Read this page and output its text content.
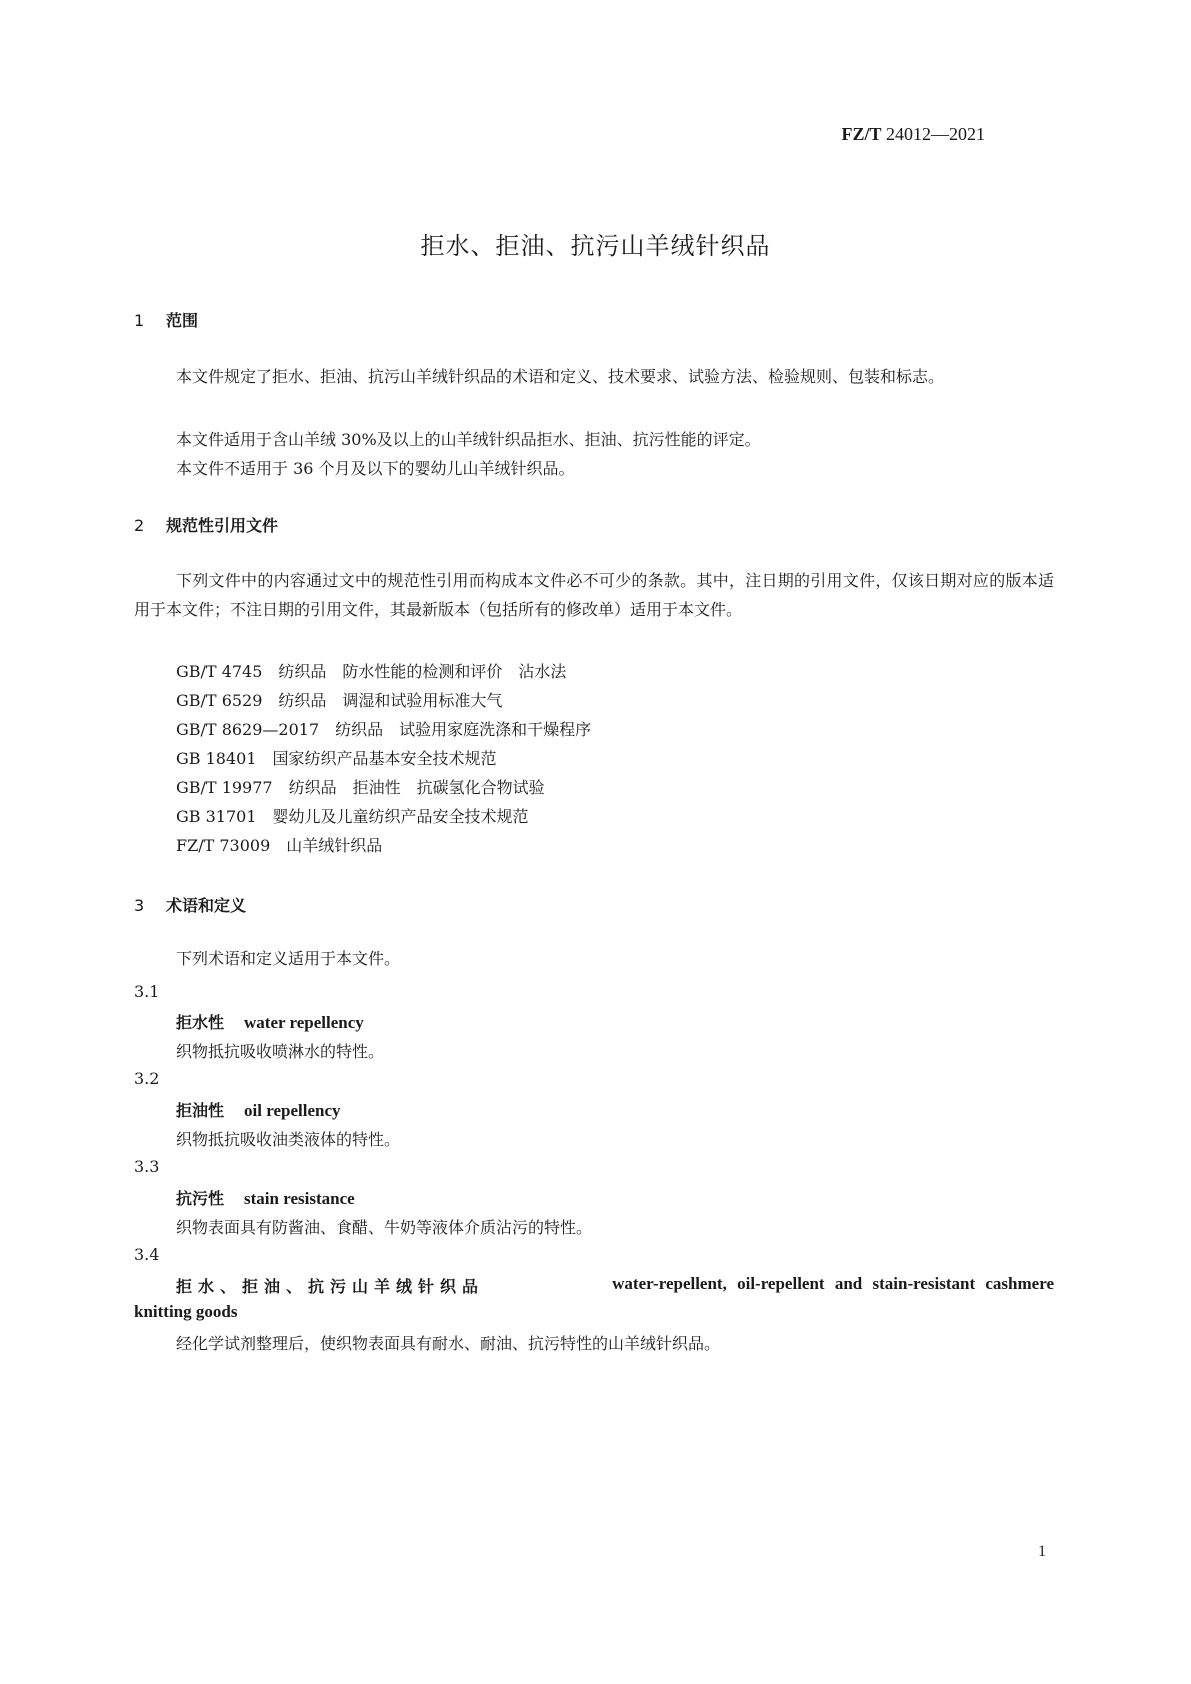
FZ/T 24012—2021
拒水、拒油、抗污山羊绒针织品
1 范围
本文件规定了拒水、拒油、抗污山羊绒针织品的术语和定义、技术要求、试验方法、检验规则、包装和标志。
本文件适用于含山羊绒 30%及以上的山羊绒针织品拒水、拒油、抗污性能的评定。
本文件不适用于 36 个月及以下的婴幼儿山羊绒针织品。
2 规范性引用文件
下列文件中的内容通过文中的规范性引用而构成本文件必不可少的条款。其中，注日期的引用文件，仅该日期对应的版本适用于本文件；不注日期的引用文件，其最新版本（包括所有的修改单）适用于本文件。
GB/T 4745　纺织品　防水性能的检测和评价　沾水法
GB/T 6529　纺织品　调湿和试验用标准大气
GB/T 8629—2017　纺织品　试验用家庭洗涤和干燥程序
GB 18401　国家纺织产品基本安全技术规范
GB/T 19977　纺织品　拒油性　抗碳氢化合物试验
GB 31701　婴幼儿及儿童纺织产品安全技术规范
FZ/T 73009　山羊绒针织品
3 术语和定义
下列术语和定义适用于本文件。
3.1
拒水性 water repellency
织物抵抗吸收喷淋水的特性。
3.2
拒油性 oil repellency
织物抵抗吸收油类液体的特性。
3.3
抗污性 stain resistance
织物表面具有防酱油、食醋、牛奶等液体介质沾污的特性。
3.4
拒水、拒油、抗污山羊绒针织品	water-repellent, oil-repellent and stain-resistant cashmere
knitting goods
经化学试剂整理后，使织物表面具有耐水、耐油、抗污特性的山羊绒针织品。
1
